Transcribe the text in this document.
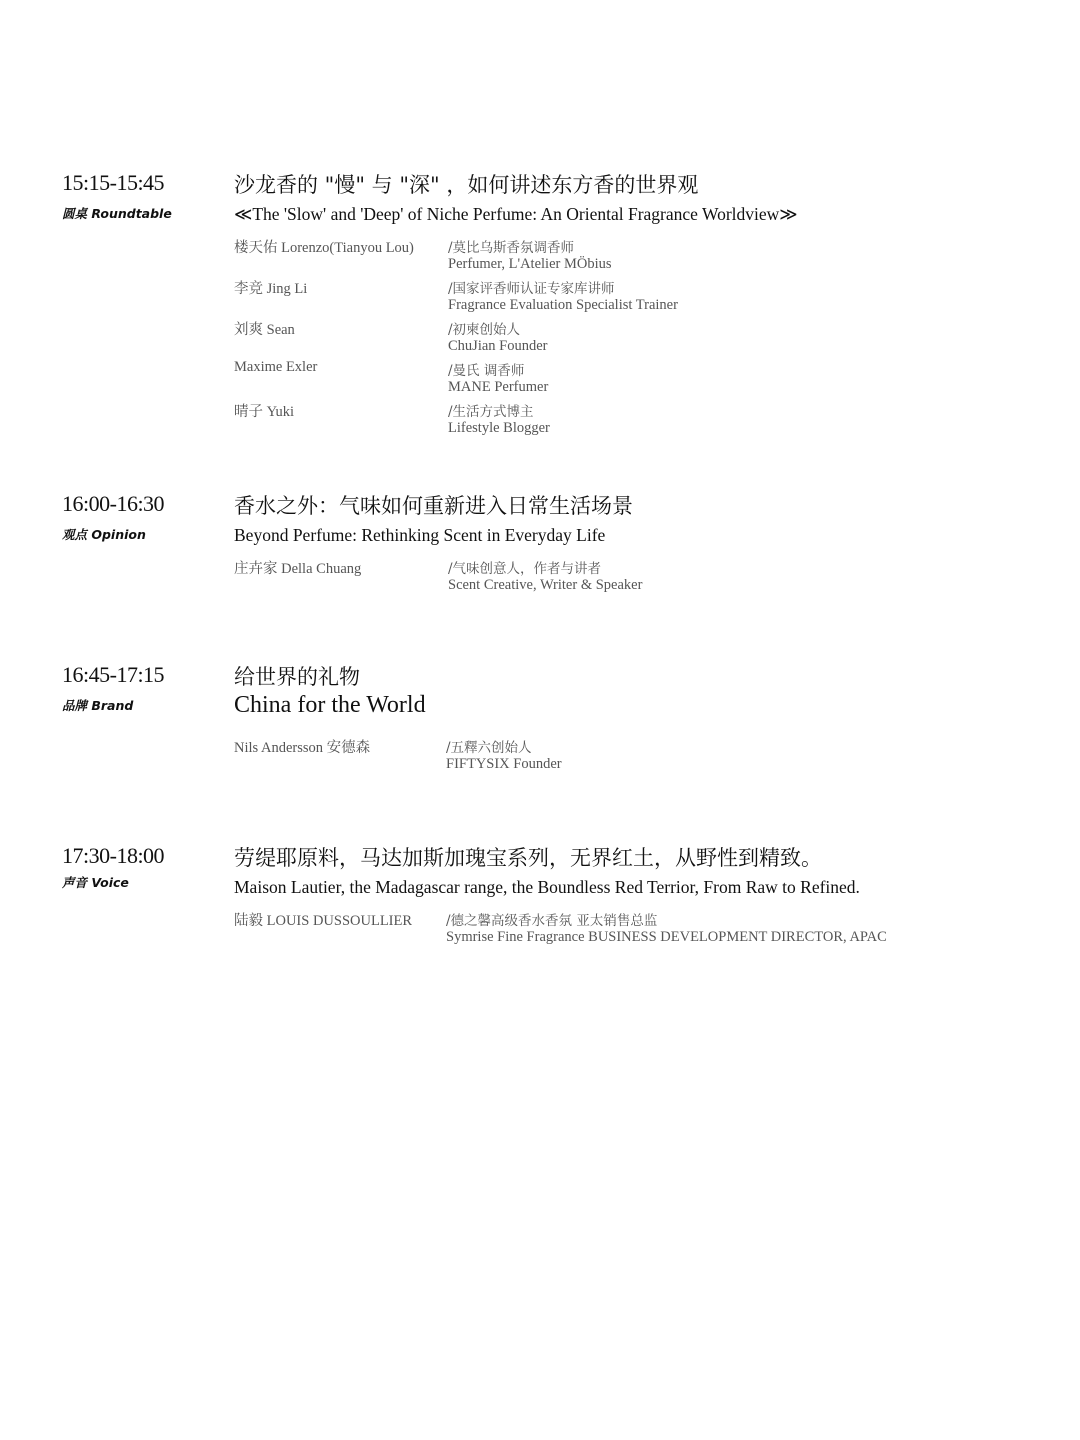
15:15-15:45
圆桌 Roundtable
沙龙香的 "慢" 与 "深" ，如何讲述东方香的世界观
≪The 'Slow' and 'Deep' of Niche Perfume: An Oriental Fragrance Worldview≫
楼天佑 Lorenzo(Tianyou Lou)	/莫比乌斯香氛调香师
Perfumer, L'Atelier MÖbius
李竞 Jing Li	/国家评香师认证专家库讲师
Fragrance Evaluation Specialist Trainer
刘爽 Sean	/初柬创始人
ChuJian Founder
Maxime Exler	/曼氏 调香师
MANE Perfumer
晴子 Yuki	/生活方式博主
Lifestyle Blogger
16:00-16:30
观点 Opinion
香水之外：气味如何重新进入日常生活场景
Beyond Perfume: Rethinking Scent in Everyday Life
庄卉家 Della Chuang	/气味创意人，作者与讲者
Scent Creative, Writer & Speaker
16:45-17:15
品牌 Brand
给世界的礼物
China for the World
Nils Andersson 安德森	/五釋六创始人
FIFTYSIX Founder
17:30-18:00
声音 Voice
劳缇耶原料，马达加斯加瑰宝系列，无界红土，从野性到精致。
Maison Lautier, the Madagascar range, the Boundless Red Terrior, From Raw to Refined.
陆毅 LOUIS DUSSOULLIER	/德之馨高级香水香氛 亚太销售总监
Symrise Fine Fragrance BUSINESS DEVELOPMENT DIRECTOR, APAC
